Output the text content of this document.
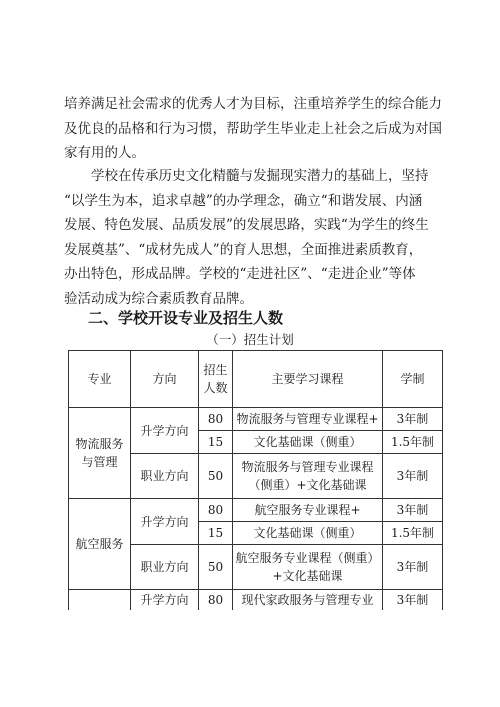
培养满足社会需求的优秀人才为目标，注重培养学生的综合能力
及优良的品格和行为习惯，帮助学生毕业走上社会之后成为对国
家有用的人。
　　学校在传承历史文化精髓与发掘现实潜力的基础上，坚持
“以学生为本，追求卓越”的办学理念，确立“和谐发展、内涵
发展、特色发展、品质发展”的发展思路，实践“为学生的终生
发展奠基”、“成材先成人”的育人思想，全面推进素质教育，
办出特色，形成品牌。学校的“走进社区”、“走进企业”等体
验活动成为综合素质教育品牌。
二、学校开设专业及招生人数
（一）招生计划
专业	方向	招生人数	主要学习课程	学制
物流服务与管理	升学方向	80	物流服务与管理专业课程+	3年制
		15	文化基础课（侧重）	1.5年制
	职业方向	50	物流服务与管理专业课程（侧重）+文化基础课	3年制
航空服务	升学方向	80	航空服务专业课程+	3年制
		15	文化基础课（侧重）	1.5年制
	职业方向	50	航空服务专业课程（侧重）+文化基础课	3年制
	升学方向	80	现代家政服务与管理专业	3年制
